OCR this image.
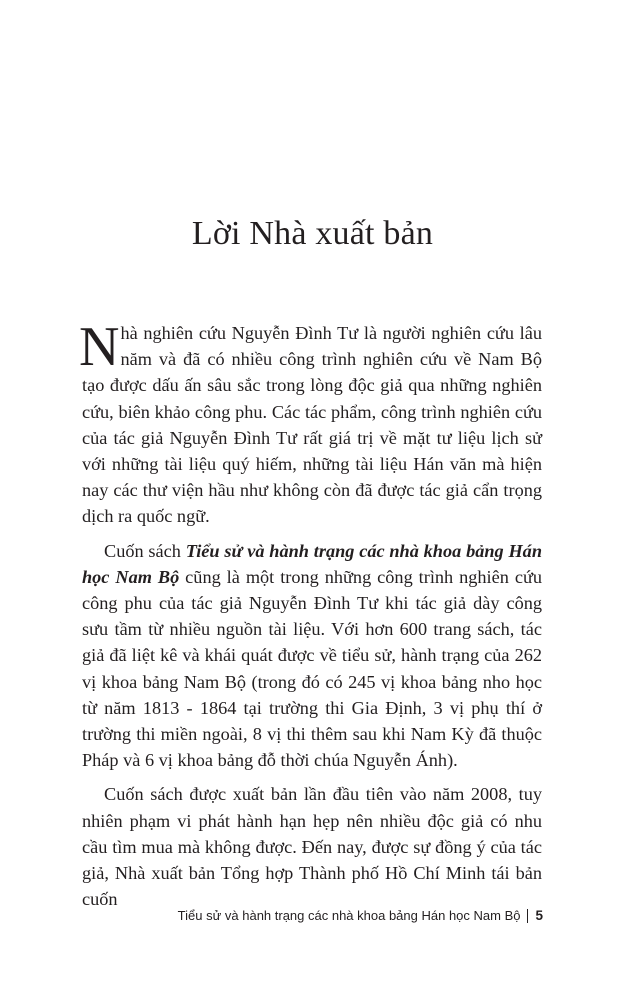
Lời Nhà xuất bản

Nhà nghiên cứu Nguyễn Đình Tư là người nghiên cứu lâu năm và đã có nhiều công trình nghiên cứu về Nam Bộ tạo được dấu ấn sâu sắc trong lòng độc giả qua những nghiên cứu, biên khảo công phu. Các tác phẩm, công trình nghiên cứu của tác giả Nguyễn Đình Tư rất giá trị về mặt tư liệu lịch sử với những tài liệu quý hiếm, những tài liệu Hán văn mà hiện nay các thư viện hầu như không còn đã được tác giả cẩn trọng dịch ra quốc ngữ.

Cuốn sách Tiểu sử và hành trạng các nhà khoa bảng Hán học Nam Bộ cũng là một trong những công trình nghiên cứu công phu của tác giả Nguyễn Đình Tư khi tác giả dày công sưu tầm từ nhiều nguồn tài liệu. Với hơn 600 trang sách, tác giả đã liệt kê và khái quát được về tiểu sử, hành trạng của 262 vị khoa bảng Nam Bộ (trong đó có 245 vị khoa bảng nho học từ năm 1813 - 1864 tại trường thi Gia Định, 3 vị phụ thí ở trường thi miền ngoài, 8 vị thi thêm sau khi Nam Kỳ đã thuộc Pháp và 6 vị khoa bảng đỗ thời chúa Nguyễn Ánh).

Cuốn sách được xuất bản lần đầu tiên vào năm 2008, tuy nhiên phạm vi phát hành hạn hẹp nên nhiều độc giả có nhu cầu tìm mua mà không được. Đến nay, được sự đồng ý của tác giả, Nhà xuất bản Tổng hợp Thành phố Hồ Chí Minh tái bản cuốn

Tiểu sử và hành trạng các nhà khoa bảng Hán học Nam Bộ 5
